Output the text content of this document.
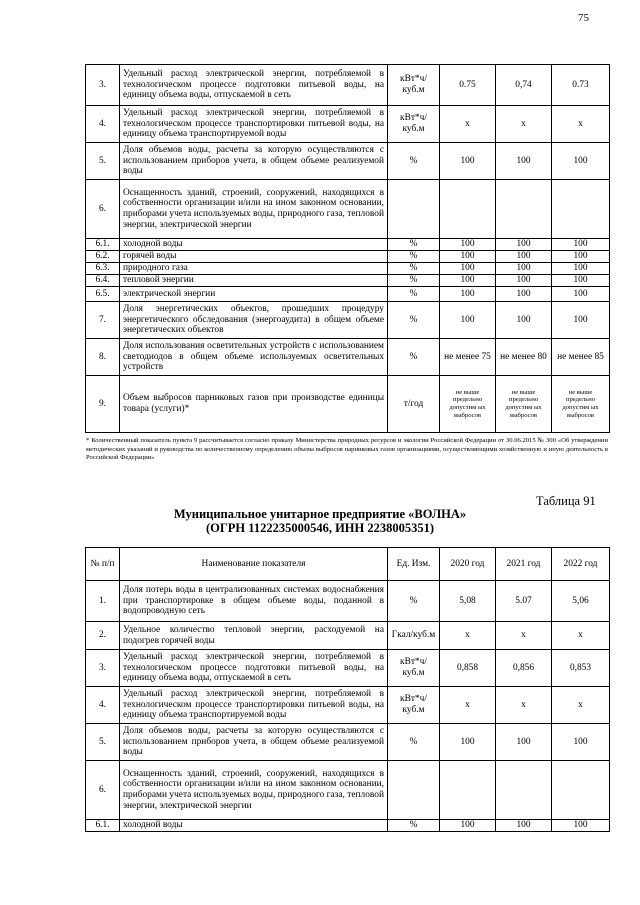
75
3.	Удельный расход электрической энергии, потребляемой в технологическом процессе подготовки питьевой воды, на единицу объема воды, отпускаемой в сеть	кВт*ч/куб.м	0.75	0,74	0.73
4.	Удельный расход электрической энергии, потребляемой в технологическом процессе транспортировки питьевой воды, на единицу объема транспортируемой воды	кВт*ч/куб.м	x	x	x
5.	Доля объемов воды, расчеты за которую осуществляются с использованием приборов учета, в общем объеме реализуемой воды	%	100	100	100
6.	Оснащенность зданий, строений, сооружений, находящихся в собственности организации и/или на ином законном основании, приборами учета используемых воды, природного газа, тепловой энергии, электрической энергии				
6.1.	холодной воды	%	100	100	100
6.2.	горячей воды	%	100	100	100
6.3.	природного газа	%	100	100	100
6.4.	тепловой энергии	%	100	100	100
6.5.	электрической энергии	%	100	100	100
7.	Доля энергетических объектов, прошедших процедуру энергетического обследования (энергоаудита) в общем объеме энергетических объектов	%	100	100	100
8.	Доля использования осветительных устройств с использованием светодиодов в общем объеме используемых осветительных устройств	%	не менее 75	не менее 80	не менее 85
9.	Объем выбросов парниковых газов при производстве единицы товара (услуги)*	т/год	не выше предельно допустим ых выбросов	не выше предельно допустим ых выбросов	не выше предельно допустим ых выбросов
* Количественный показатель пункта 9 рассчитывается согласно приказу Министерства природных ресурсов и экологии Российской Федерации от 30.06.2015 № 300 «Об утверждении методических указаний и руководства по количественному определению объема выбросов парниковых газов организациями, осуществляющими хозяйственную и иную деятельность в Российской Федерации»
Таблица 91
Муниципальное унитарное предприятие «ВОЛНА»
(ОГРН 1122235000546, ИНН 2238005351)
№ п/п	Наименование показателя	Ед. Изм.	2020 год	2021 год	2022 год
1.	Доля потерь воды в централизованных системах водоснабжения при транспортировке в общем объеме воды, поданной в водопроводную сеть	%	5,08	5.07	5,06
2.	Удельное количество тепловой энергии, расходуемой на подогрев горячей воды	Гкал/куб.м	x	x	x
3.	Удельный расход электрической энергии, потребляемой в технологическом процессе подготовки питьевой воды, на единицу объема воды, отпускаемой в сеть	кВт*ч/куб.м	0,858	0,856	0,853
4.	Удельный расход электрической энергии, потребляемой в технологическом процессе транспортировки питьевой воды, на единицу объема транспортируемой воды	кВт*ч/куб.м	x	x	x
5.	Доля объемов воды, расчеты за которую осуществляются с использованием приборов учета, в общем объеме реализуемой воды	%	100	100	100
6.	Оснащенность зданий, строений, сооружений, находящихся в собственности организации и/или на ином законном основании, приборами учета используемых воды, природного газа, тепловой энергии, электрической энергии				
6.1.	холодной воды	%	100	100	100
